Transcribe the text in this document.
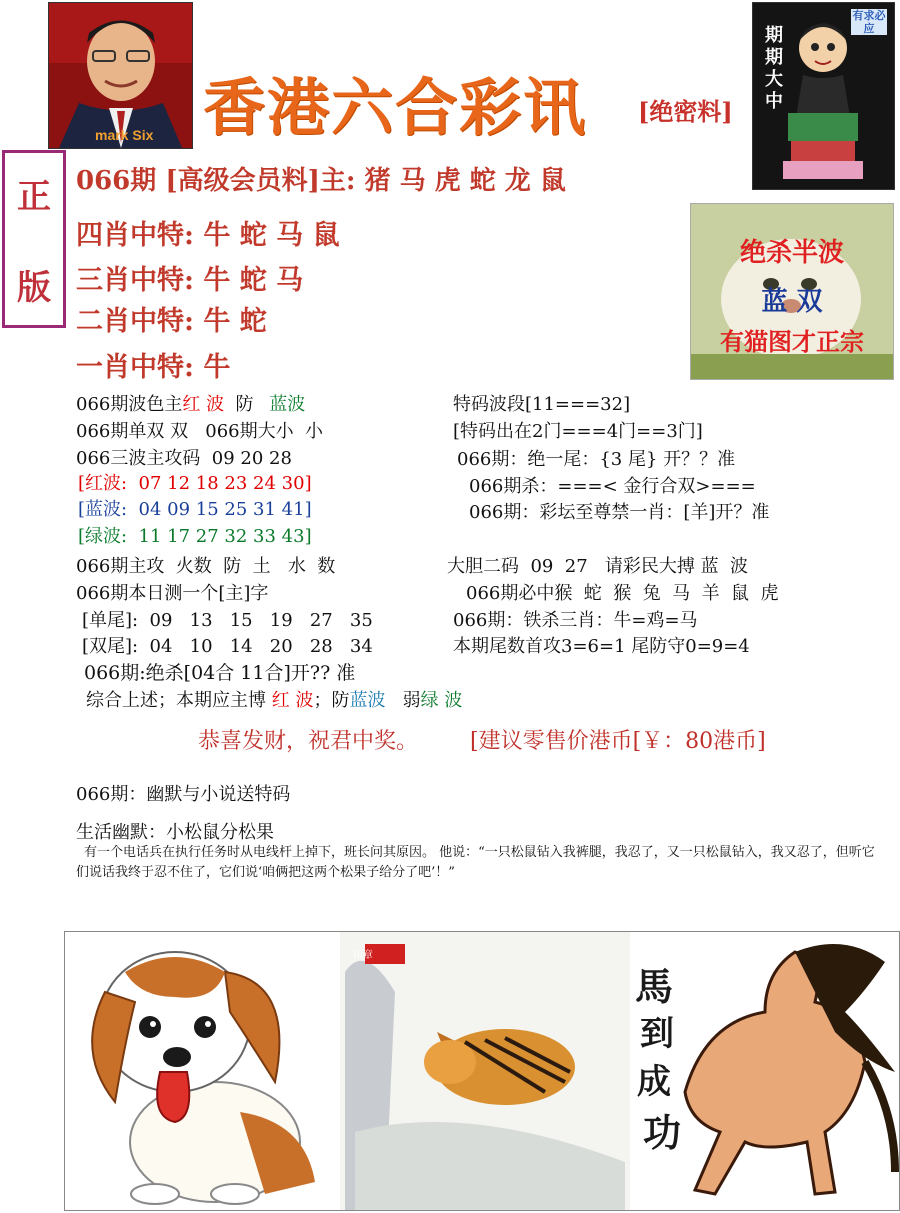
mark Six 香港六合彩讯 [绝密料]
期
期
大
中
有求必应
正
版
066期 [高级会员料]主: 猪 马 虎 蛇 龙 鼠
四肖中特: 牛 蛇 马 鼠
三肖中特: 牛 蛇 马
二肖中特: 牛 蛇
一肖中特: 牛
绝杀半波
蓝 双
有猫图才正宗
066期波色主红 波  防 蓝波
066期单双 双   066期大小  小
066三波主攻码  09 20 28
[红波:  07 12 18 23 24 30]
[蓝波:  04 09 15 25 31 41]
[绿波:  11 17 27 32 33 43]
066期主攻  火数  防  土   水  数
066期本日测一个[主]字
[单尾]:  09   13   15   19   27   35
[双尾]:  04   10   14   20   28   34
066期:绝杀[04合 11合]开?? 准
综合上述；本期应主博 红 波；防蓝波   弱绿 波
特码波段[11===32]
[特码出在2门===4门==3门]
066期：绝一尾：{3 尾} 开？？准
066期杀：===< 金行合双>===
066期：彩坛至尊禁一肖：[羊]开？准
大胆二码  09  27   请彩民大搏 蓝  波
066期必中猴  蛇  猴  兔  马  羊  鼠  虎
066期：铁杀三肖：牛=鸡=马
本期尾数首攻3=6=1 尾防守0=9=4
恭喜发财，祝君中奖。 [建议零售价港币[￥：80港币]
066期：幽默与小说送特码
生活幽默：小松鼠分松果
有一个电话兵在执行任务时从电线杆上掉下，班长问其原因。 他说：“一只松鼠钻入我裤腿，我忍了，又一只松鼠钻入，我又忍了，但听它们说话我终于忍不住了，它们说‘咱俩把这两个松果子给分了吧’！”
印章
馬
到
成
功
